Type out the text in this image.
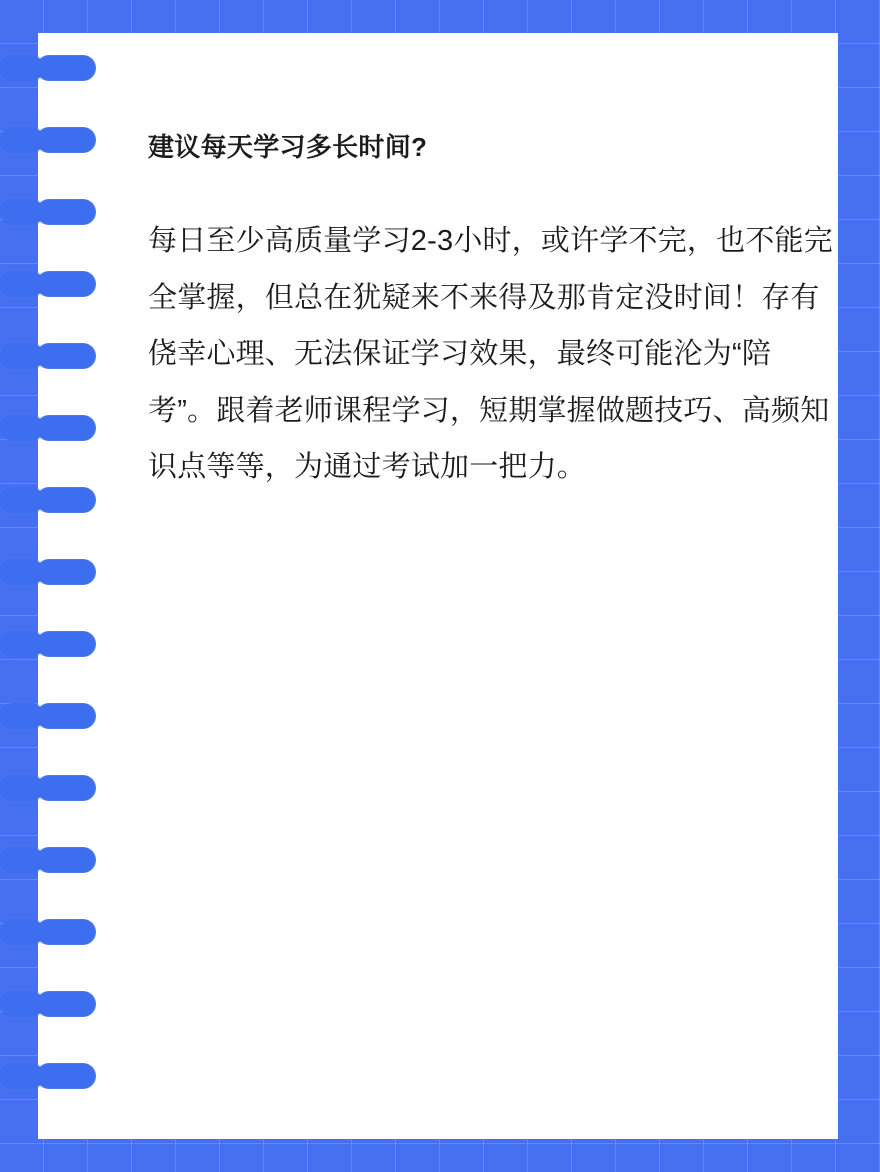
建议每天学习多长时间?

每日至少高质量学习2-3小时，或许学不完，也不能完全掌握，但总在犹疑来不来得及那肯定没时间！存有侥幸心理、无法保证学习效果，最终可能沦为“陪考”。跟着老师课程学习，短期掌握做题技巧、高频知识点等等，为通过考试加一把力。
